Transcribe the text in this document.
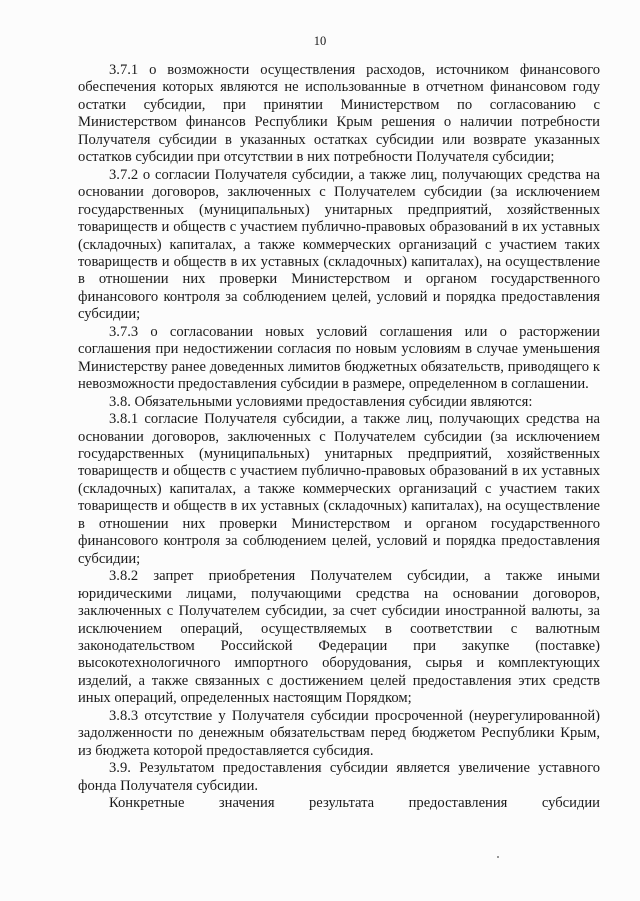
10

3.7.1 о возможности осуществления расходов, источником финансового обеспечения которых являются не использованные в отчетном финансовом году остатки субсидии, при принятии Министерством по согласованию с Министерством финансов Республики Крым решения о наличии потребности Получателя субсидии в указанных остатках субсидии или возврате указанных остатков субсидии при отсутствии в них потребности Получателя субсидии;

3.7.2 о согласии Получателя субсидии, а также лиц, получающих средства на основании договоров, заключенных с Получателем субсидии (за исключением государственных (муниципальных) унитарных предприятий, хозяйственных товариществ и обществ с участием публично-правовых образований в их уставных (складочных) капиталах, а также коммерческих организаций с участием таких товариществ и обществ в их уставных (складочных) капиталах), на осуществление в отношении них проверки Министерством и органом государственного финансового контроля за соблюдением целей, условий и порядка предоставления субсидии;

3.7.3 о согласовании новых условий соглашения или о расторжении соглашения при недостижении согласия по новым условиям в случае уменьшения Министерству ранее доведенных лимитов бюджетных обязательств, приводящего к невозможности предоставления субсидии в размере, определенном в соглашении.

3.8. Обязательными условиями предоставления субсидии являются:

3.8.1 согласие Получателя субсидии, а также лиц, получающих средства на основании договоров, заключенных с Получателем субсидии (за исключением государственных (муниципальных) унитарных предприятий, хозяйственных товариществ и обществ с участием публично-правовых образований в их уставных (складочных) капиталах, а также коммерческих организаций с участием таких товариществ и обществ в их уставных (складочных) капиталах), на осуществление в отношении них проверки Министерством и органом государственного финансового контроля за соблюдением целей, условий и порядка предоставления субсидии;

3.8.2 запрет приобретения Получателем субсидии, а также иными юридическими лицами, получающими средства на основании договоров, заключенных с Получателем субсидии, за счет субсидии иностранной валюты, за исключением операций, осуществляемых в соответствии с валютным законодательством Российской Федерации при закупке (поставке) высокотехнологичного импортного оборудования, сырья и комплектующих изделий, а также связанных с достижением целей предоставления этих средств иных операций, определенных настоящим Порядком;

3.8.3 отсутствие у Получателя субсидии просроченной (неурегулированной) задолженности по денежным обязательствам перед бюджетом Республики Крым, из бюджета которой предоставляется субсидия.

3.9. Результатом предоставления субсидии является увеличение уставного фонда Получателя субсидии.

Конкретные значения результата предоставления субсидии
